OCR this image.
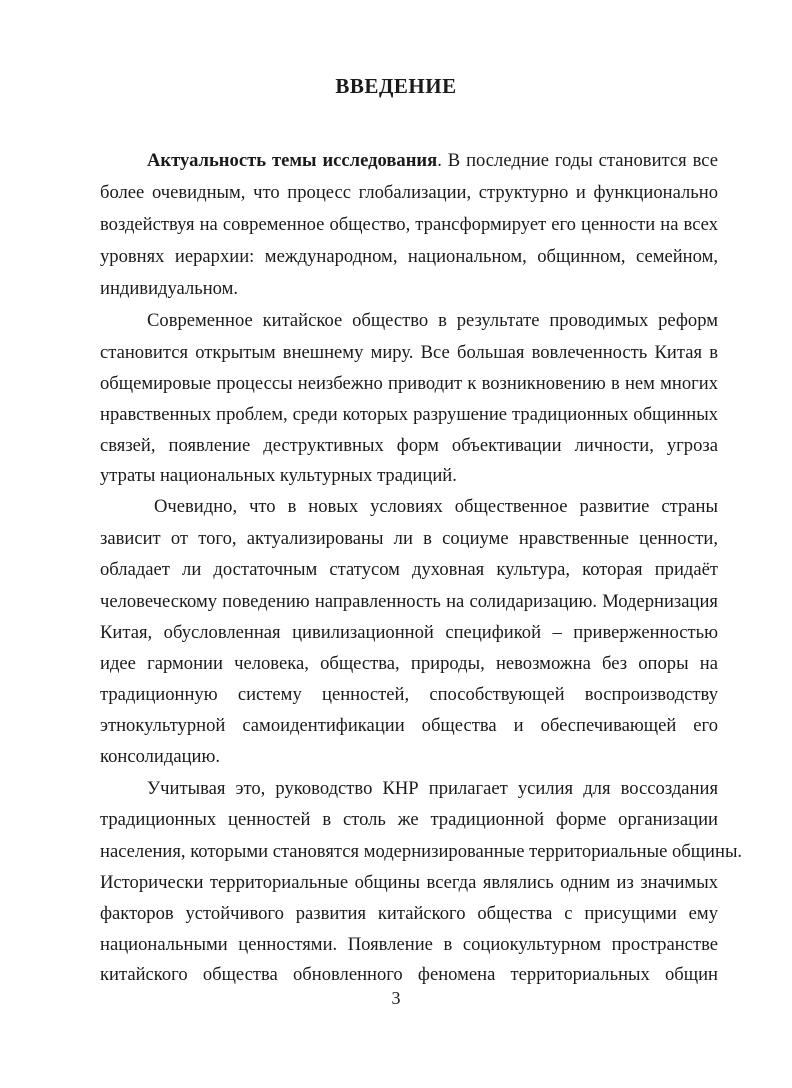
ВВЕДЕНИЕ
Актуальность темы исследования. В последние годы становится все
более очевидным, что процесс глобализации, структурно и функционально
воздействуя на современное общество, трансформирует его ценности на всех
уровнях иерархии: международном, национальном, общинном, семейном,
индивидуальном.
Современное китайское общество в результате проводимых реформ
становится открытым внешнему миру. Все большая вовлеченность Китая в
общемировые процессы неизбежно приводит к возникновению в нем многих
нравственных проблем, среди которых разрушение традиционных общинных
связей, появление деструктивных форм объективации личности, угроза
утраты национальных культурных традиций.
Очевидно, что в новых условиях общественное развитие страны
зависит от того, актуализированы ли в социуме нравственные ценности,
обладает ли достаточным статусом духовная культура, которая придаёт
человеческому поведению направленность на солидаризацию. Модернизация
Китая, обусловленная цивилизационной спецификой – приверженностью
идее гармонии человека, общества, природы, невозможна без опоры на
традиционную систему ценностей, способствующей воспроизводству
этнокультурной самоидентификации общества и обеспечивающей его
консолидацию.
Учитывая это, руководство КНР прилагает усилия для воссоздания
традиционных ценностей в столь же традиционной форме организации
населения, которыми становятся модернизированные территориальные общины.
Исторически территориальные общины всегда являлись одним из значимых
факторов устойчивого развития китайского общества с присущими ему
национальными ценностями. Появление в социокультурном пространстве
китайского общества обновленного феномена территориальных общин
3
